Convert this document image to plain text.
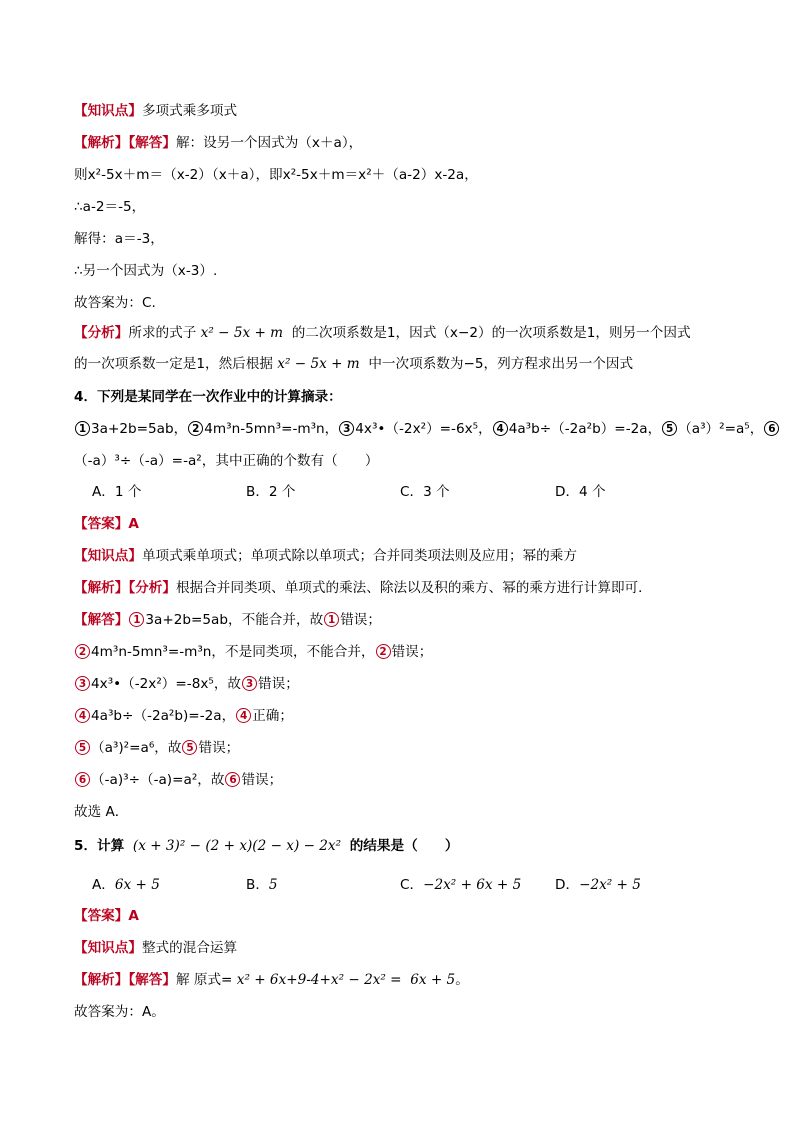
【知识点】多项式乘多项式
【解析】【解答】解：设另一个因式为（x＋a），
则x²-5x＋m＝（x-2）（x＋a），即x²-5x＋m＝x²＋（a-2）x-2a，
∴a-2＝-5，
解得：a＝-3，
∴另一个因式为（x-3）.
故答案为：C.
【分析】所求的式子 x² − 5x + m 的二次项系数是1，因式（x−2）的一次项系数是1，则另一个因式
的一次项系数一定是1，然后根据 x² − 5x + m 中一次项系数为−5，列方程求出另一个因式
4．下列是某同学在一次作业中的计算摘录：
1 3a+2b=5ab， 2 4m³n-5mn³=-m³n， 3 4x³•（-2x²）=-6x⁵， 4 4a³b÷（-2a²b）=-2a， 5 （a³）²=a⁵， 6
（-a）³÷（-a）=-a²，其中正确的个数有（　　）
A．1 个	B．2 个	C．3 个	D．4 个
【答案】A
【知识点】单项式乘单项式；单项式除以单项式；合并同类项法则及应用；幂的乘方
【解析】【分析】根据合并同类项、单项式的乘法、除法以及积的乘方、幂的乘方进行计算即可．
【解答】 1 3a+2b=5ab，不能合并，故 1 错误；
2 4m³n-5mn³=-m³n，不是同类项，不能合并， 2 错误；
3 4x³•（-2x²）=-8x⁵，故 3 错误；
4 4a³b÷（-2a²b)=-2a， 4 正确；
5 （a³)²=a⁶，故 5 错误；
6 （-a)³÷（-a)=a²，故 6 错误；
故选 A．
5．计算 (x + 3)² − (2 + x)(2 − x) − 2x² 的结果是（　　）
A．6x + 5	B．5	C．−2x² + 6x + 5 D．−2x² + 5
【答案】A
【知识点】整式的混合运算
【解析】【解答】解 原式= x² + 6x+9-4+x² − 2x² = 6x + 5。
故答案为：A。
